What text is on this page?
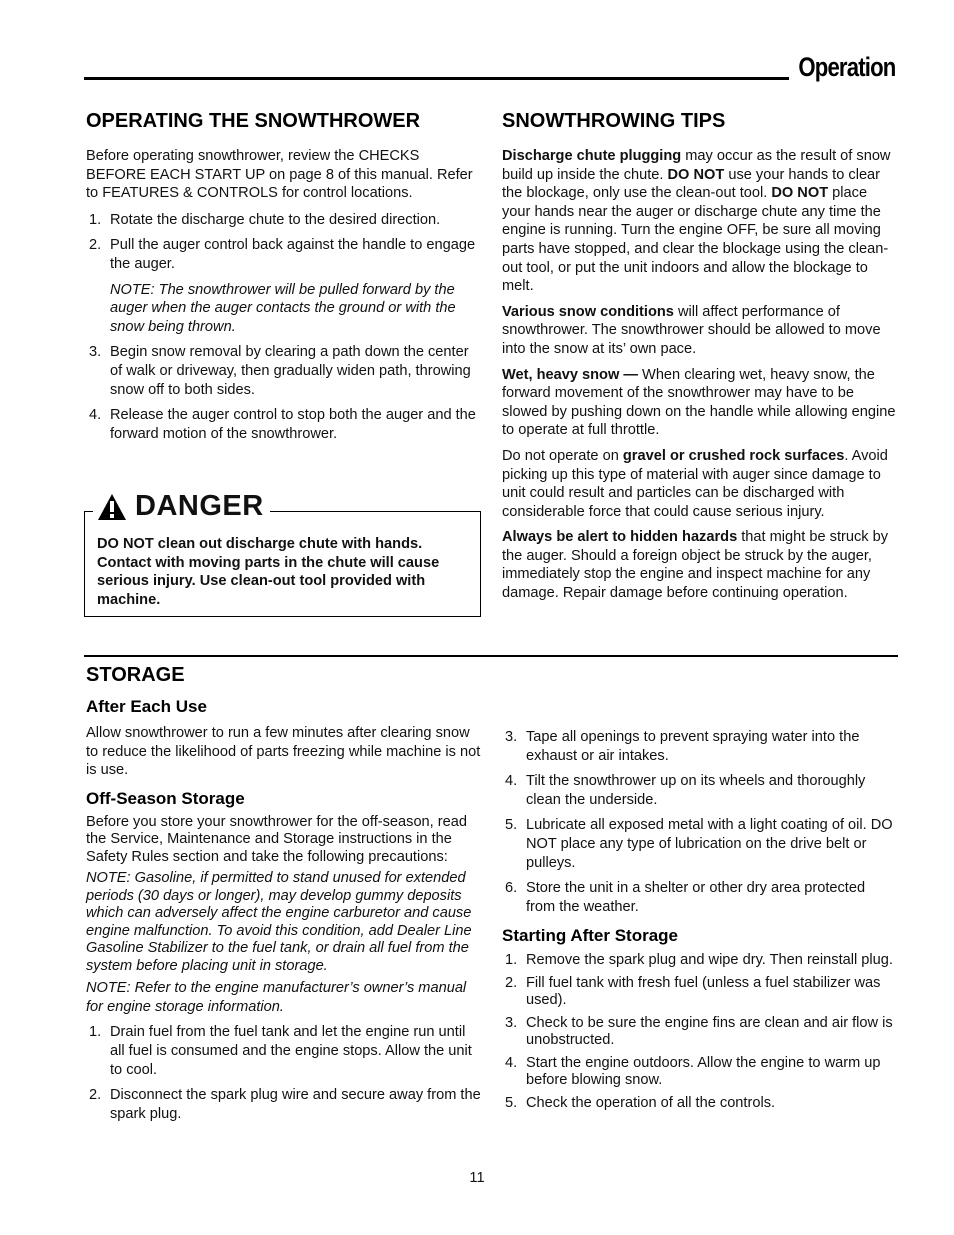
Operation
OPERATING THE SNOWTHROWER

Before operating snowthrower, review the CHECKS BEFORE EACH START UP on page 8 of this manual. Refer to FEATURES & CONTROLS for control locations.

1. Rotate the discharge chute to the desired direction.
2. Pull the auger control back against the handle to engage the auger.

NOTE: The snowthrower will be pulled forward by the auger when the auger contacts the ground or with the snow being thrown.

3. Begin snow removal by clearing a path down the center of walk or driveway, then gradually widen path, throwing snow off to both sides.
4. Release the auger control to stop both the auger and the forward motion of the snowthrower.
DANGER
DO NOT clean out discharge chute with hands. Contact with moving parts in the chute will cause serious injury. Use clean-out tool provided with machine.
SNOWTHROWING TIPS

Discharge chute plugging may occur as the result of snow build up inside the chute. DO NOT use your hands to clear the blockage, only use the clean-out tool. DO NOT place your hands near the auger or discharge chute any time the engine is running. Turn the engine OFF, be sure all moving parts have stopped, and clear the blockage using the clean-out tool, or put the unit indoors and allow the blockage to melt.

Various snow conditions will affect performance of snowthrower. The snowthrower should be allowed to move into the snow at its’ own pace.

Wet, heavy snow — When clearing wet, heavy snow, the forward movement of the snowthrower may have to be slowed by pushing down on the handle while allowing engine to operate at full throttle.

Do not operate on gravel or crushed rock surfaces. Avoid picking up this type of material with auger since damage to unit could result and particles can be discharged with considerable force that could cause serious injury.

Always be alert to hidden hazards that might be struck by the auger. Should a foreign object be struck by the auger, immediately stop the engine and inspect machine for any damage. Repair damage before continuing operation.

STORAGE
After Each Use

Allow snowthrower to run a few minutes after clearing snow to reduce the likelihood of parts freezing while machine is not is use.

Off-Season Storage

Before you store your snowthrower for the off-season, read the Service, Maintenance and Storage instructions in the Safety Rules section and take the following precautions:

NOTE: Gasoline, if permitted to stand unused for extended periods (30 days or longer), may develop gummy deposits which can adversely affect the engine carburetor and cause engine malfunction. To avoid this condition, add Dealer Line Gasoline Stabilizer to the fuel tank, or drain all fuel from the system before placing unit in storage.

NOTE: Refer to the engine manufacturer’s owner’s manual for engine storage information.

1. Drain fuel from the fuel tank and let the engine run until all fuel is consumed and the engine stops. Allow the unit to cool.
2. Disconnect the spark plug wire and secure away from the spark plug.
3. Tape all openings to prevent spraying water into the exhaust or air intakes.
4. Tilt the snowthrower up on its wheels and thoroughly clean the underside.
5. Lubricate all exposed metal with a light coating of oil. DO NOT place any type of lubrication on the drive belt or pulleys.
6. Store the unit in a shelter or other dry area protected from the weather.
Starting After Storage
1. Remove the spark plug and wipe dry. Then reinstall plug.
2. Fill fuel tank with fresh fuel (unless a fuel stabilizer was used).
3. Check to be sure the engine fins are clean and air flow is unobstructed.
4. Start the engine outdoors. Allow the engine to warm up before blowing snow.
5. Check the operation of all the controls.
11
